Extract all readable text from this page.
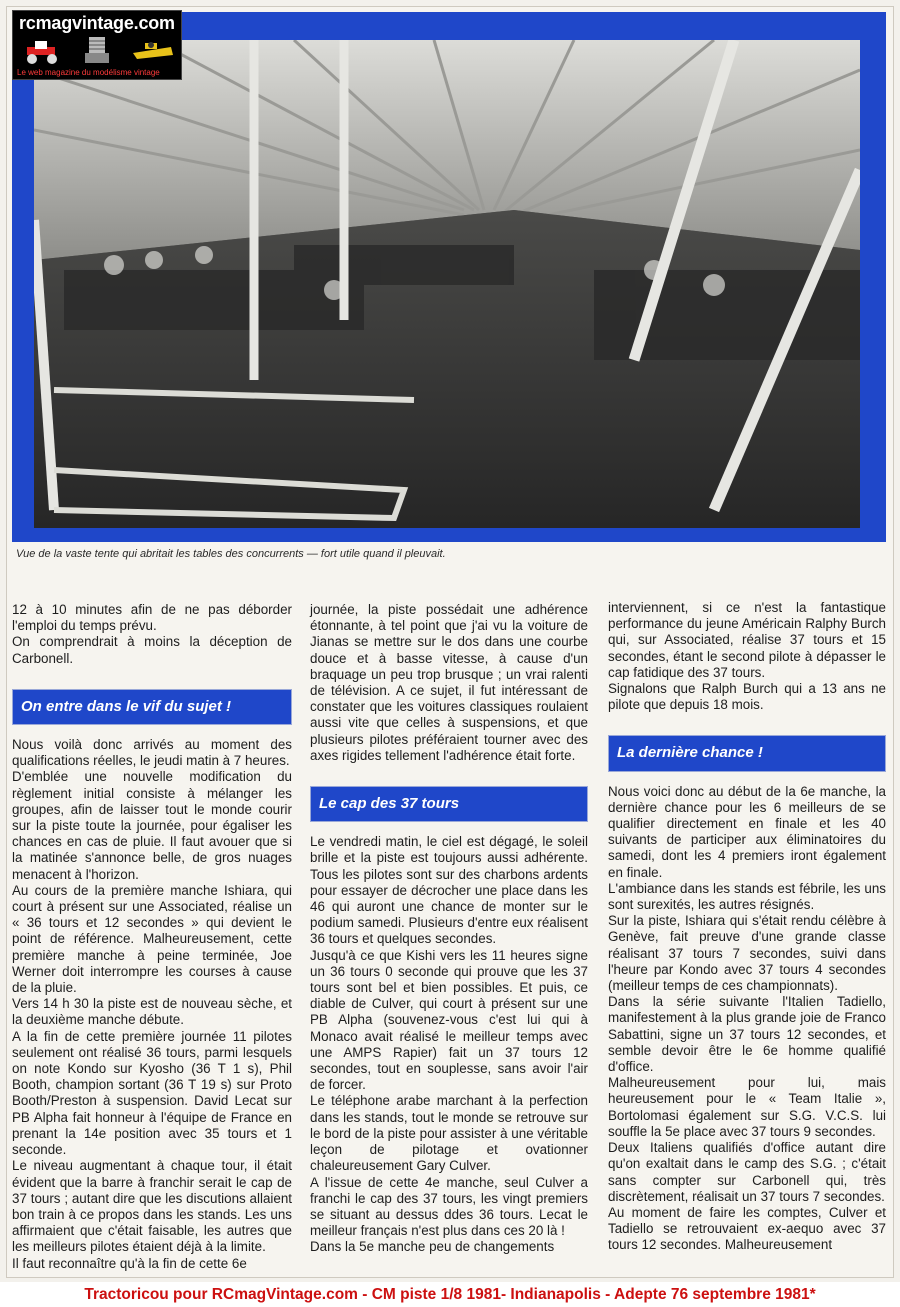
rcmagvintage.com
Le web magazine du modélisme vintage
Vue de la vaste tente qui abritait les tables des concurrents — fort utile quand il pleuvait.

12 à 10 minutes afin de ne pas déborder l'emploi du temps prévu.

On comprendrait à moins la déception de Carbonell.

On entre dans le vif du sujet !

Nous voilà donc arrivés au moment des qualifications réelles, le jeudi matin à 7 heures.

D'emblée une nouvelle modification du règlement initial consiste à mélanger les groupes, afin de laisser tout le monde courir sur la piste toute la journée, pour égaliser les chances en cas de pluie. Il faut avouer que si la matinée s'annonce belle, de gros nuages menacent à l'horizon.

Au cours de la première manche Ishiara, qui court à présent sur une Associated, réalise un « 36 tours et 12 secondes » qui devient le point de référence. Malheureusement, cette première manche à peine terminée, Joe Werner doit interrompre les courses à cause de la pluie.

Vers 14 h 30 la piste est de nouveau sèche, et la deuxième manche débute.

A la fin de cette première journée 11 pilotes seulement ont réalisé 36 tours, parmi lesquels on note Kondo sur Kyosho (36 T 1 s), Phil Booth, champion sortant (36 T 19 s) sur Proto Booth/Preston à suspension. David Lecat sur PB Alpha fait honneur à l'équipe de France en prenant la 14e position avec 35 tours et 1 seconde.

Le niveau augmentant à chaque tour, il était évident que la barre à franchir serait le cap de 37 tours ; autant dire que les discutions allaient bon train à ce propos dans les stands. Les uns affirmaient que c'était faisable, les autres que les meilleurs pilotes étaient déjà à la limite.

Il faut reconnaître qu'à la fin de cette 6e

journée, la piste possédait une adhérence étonnante, à tel point que j'ai vu la voiture de Jianas se mettre sur le dos dans une courbe douce et à basse vitesse, à cause d'un braquage un peu trop brusque ; un vrai ralenti de télévision. A ce sujet, il fut intéressant de constater que les voitures classiques roulaient aussi vite que celles à suspensions, et que plusieurs pilotes préféraient tourner avec des axes rigides tellement l'adhérence était forte.

Le cap des 37 tours

Le vendredi matin, le ciel est dégagé, le soleil brille et la piste est toujours aussi adhérente. Tous les pilotes sont sur des charbons ardents pour essayer de décrocher une place dans les 46 qui auront une chance de monter sur le podium samedi. Plusieurs d'entre eux réalisent 36 tours et quelques secondes.

Jusqu'à ce que Kishi vers les 11 heures signe un 36 tours 0 seconde qui prouve que les 37 tours sont bel et bien possibles. Et puis, ce diable de Culver, qui court à présent sur une PB Alpha (souvenez-vous c'est lui qui à Monaco avait réalisé le meilleur temps avec une AMPS Rapier) fait un 37 tours 12 secondes, tout en souplesse, sans avoir l'air de forcer.

Le téléphone arabe marchant à la perfection dans les stands, tout le monde se retrouve sur le bord de la piste pour assister à une véritable leçon de pilotage et ovationner chaleureusement Gary Culver.

A l'issue de cette 4e manche, seul Culver a franchi le cap des 37 tours, les vingt premiers se situant au dessus ddes 36 tours. Lecat le meilleur français n'est plus dans ces 20 là !

Dans la 5e manche peu de changements

interviennent, si ce n'est la fantastique performance du jeune Américain Ralphy Burch qui, sur Associated, réalise 37 tours et 15 secondes, étant le second pilote à dépasser le cap fatidique des 37 tours.

Signalons que Ralph Burch qui a 13 ans ne pilote que depuis 18 mois.

La dernière chance !

Nous voici donc au début de la 6e manche, la dernière chance pour les 6 meilleurs de se qualifier directement en finale et les 40 suivants de participer aux éliminatoires du samedi, dont les 4 premiers iront également en finale.

L'ambiance dans les stands est fébrile, les uns sont surexités, les autres résignés.

Sur la piste, Ishiara qui s'était rendu célèbre à Genève, fait preuve d'une grande classe réalisant 37 tours 7 secondes, suivi dans l'heure par Kondo avec 37 tours 4 secondes (meilleur temps de ces championnats).

Dans la série suivante l'Italien Tadiello, manifestement à la plus grande joie de Franco Sabattini, signe un 37 tours 12 secondes, et semble devoir être le 6e homme qualifié d'office.

Malheureusement pour lui, mais heureusement pour le « Team Italie », Bortolomasi également sur S.G. V.C.S. lui souffle la 5e place avec 37 tours 9 secondes.

Deux Italiens qualifiés d'office autant dire qu'on exaltait dans le camp des S.G. ; c'était sans compter sur Carbonell qui, très discrètement, réalisait un 37 tours 7 secondes.

Au moment de faire les comptes, Culver et Tadiello se retrouvaient ex-aequo avec 37 tours 12 secondes. Malheureusement

Tractoricou pour RCmagVintage.com - CM piste 1/8 1981- Indianapolis - Adepte 76 septembre 1981*
